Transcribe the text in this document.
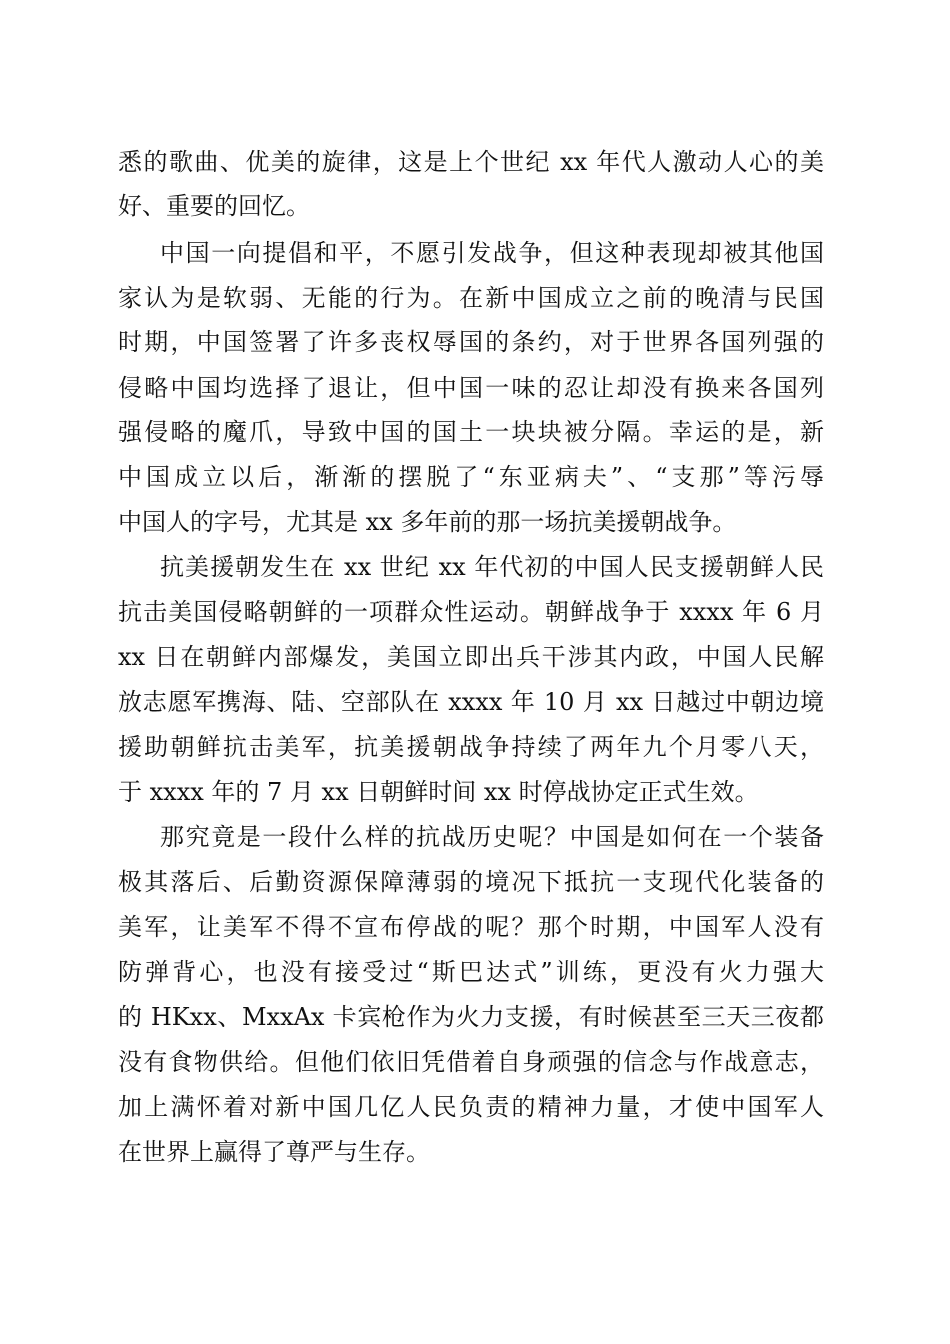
悉的歌曲、优美的旋律，这是上个世纪 xx 年代人激动人心的美
好、重要的回忆。
中国一向提倡和平，不愿引发战争，但这种表现却被其他国
家认为是软弱、无能的行为。在新中国成立之前的晚清与民国
时期，中国签署了许多丧权辱国的条约，对于世界各国列强的
侵略中国均选择了退让，但中国一味的忍让却没有换来各国列
强侵略的魔爪，导致中国的国土一块块被分隔。幸运的是，新
中国成立以后，渐渐的摆脱了“东亚病夫”、“支那”等污辱
中国人的字号，尤其是 xx 多年前的那一场抗美援朝战争。
抗美援朝发生在 xx 世纪 xx 年代初的中国人民支援朝鲜人民
抗击美国侵略朝鲜的一项群众性运动。朝鲜战争于 xxxx 年 6 月
xx 日在朝鲜内部爆发，美国立即出兵干涉其内政，中国人民解
放志愿军携海、陆、空部队在 xxxx 年 10 月 xx 日越过中朝边境
援助朝鲜抗击美军，抗美援朝战争持续了两年九个月零八天，
于 xxxx 年的 7 月 xx 日朝鲜时间 xx 时停战协定正式生效。
那究竟是一段什么样的抗战历史呢？中国是如何在一个装备
极其落后、后勤资源保障薄弱的境况下抵抗一支现代化装备的
美军，让美军不得不宣布停战的呢？那个时期，中国军人没有
防弹背心，也没有接受过“斯巴达式”训练，更没有火力强大
的 HKxx、MxxAx 卡宾枪作为火力支援，有时候甚至三天三夜都
没有食物供给。但他们依旧凭借着自身顽强的信念与作战意志，
加上满怀着对新中国几亿人民负责的精神力量，才使中国军人
在世界上赢得了尊严与生存。
